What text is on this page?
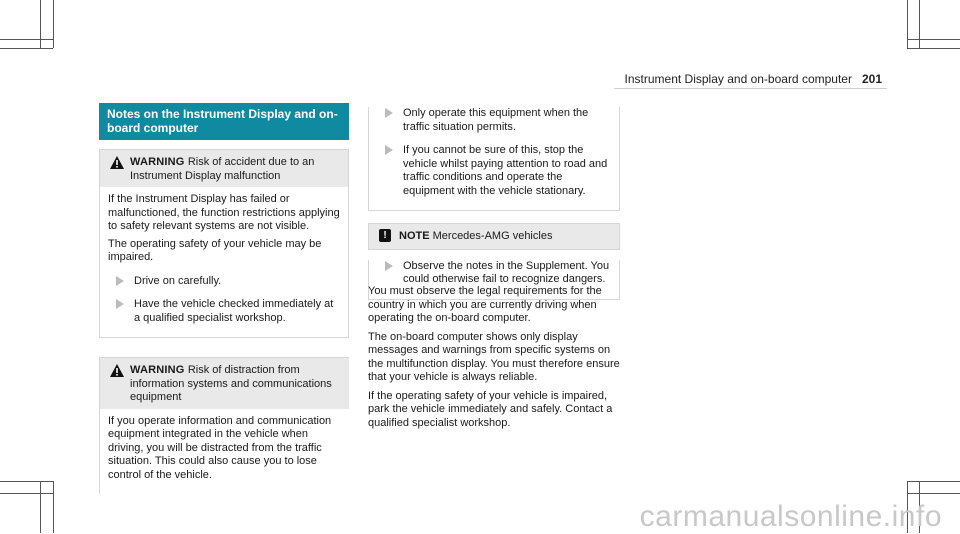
Instrument Display and on-board computer 201
Notes on the Instrument Display and on-board computer
WARNING Risk of accident due to an Instrument Display malfunction

If the Instrument Display has failed or malfunctioned, the function restrictions applying to safety relevant systems are not visible.

The operating safety of your vehicle may be impaired.

Drive on carefully.
Have the vehicle checked immediately at a qualified specialist workshop.
WARNING Risk of distraction from information systems and communications equipment

If you operate information and communication equipment integrated in the vehicle when driving, you will be distracted from the traffic situation. This could also cause you to lose control of the vehicle.

Only operate this equipment when the traffic situation permits.
If you cannot be sure of this, stop the vehicle whilst paying attention to road and traffic conditions and operate the equipment with the vehicle stationary.
!	NOTE Mercedes-AMG vehicles
Observe the notes in the Supplement. You could otherwise fail to recognize dangers.

You must observe the legal requirements for the country in which you are currently driving when operating the on-board computer.

The on-board computer shows only display messages and warnings from specific systems on the multifunction display. You must therefore ensure that your vehicle is always reliable.

If the operating safety of your vehicle is impaired, park the vehicle immediately and safely. Contact a qualified specialist workshop.

carmanualsonline.info
